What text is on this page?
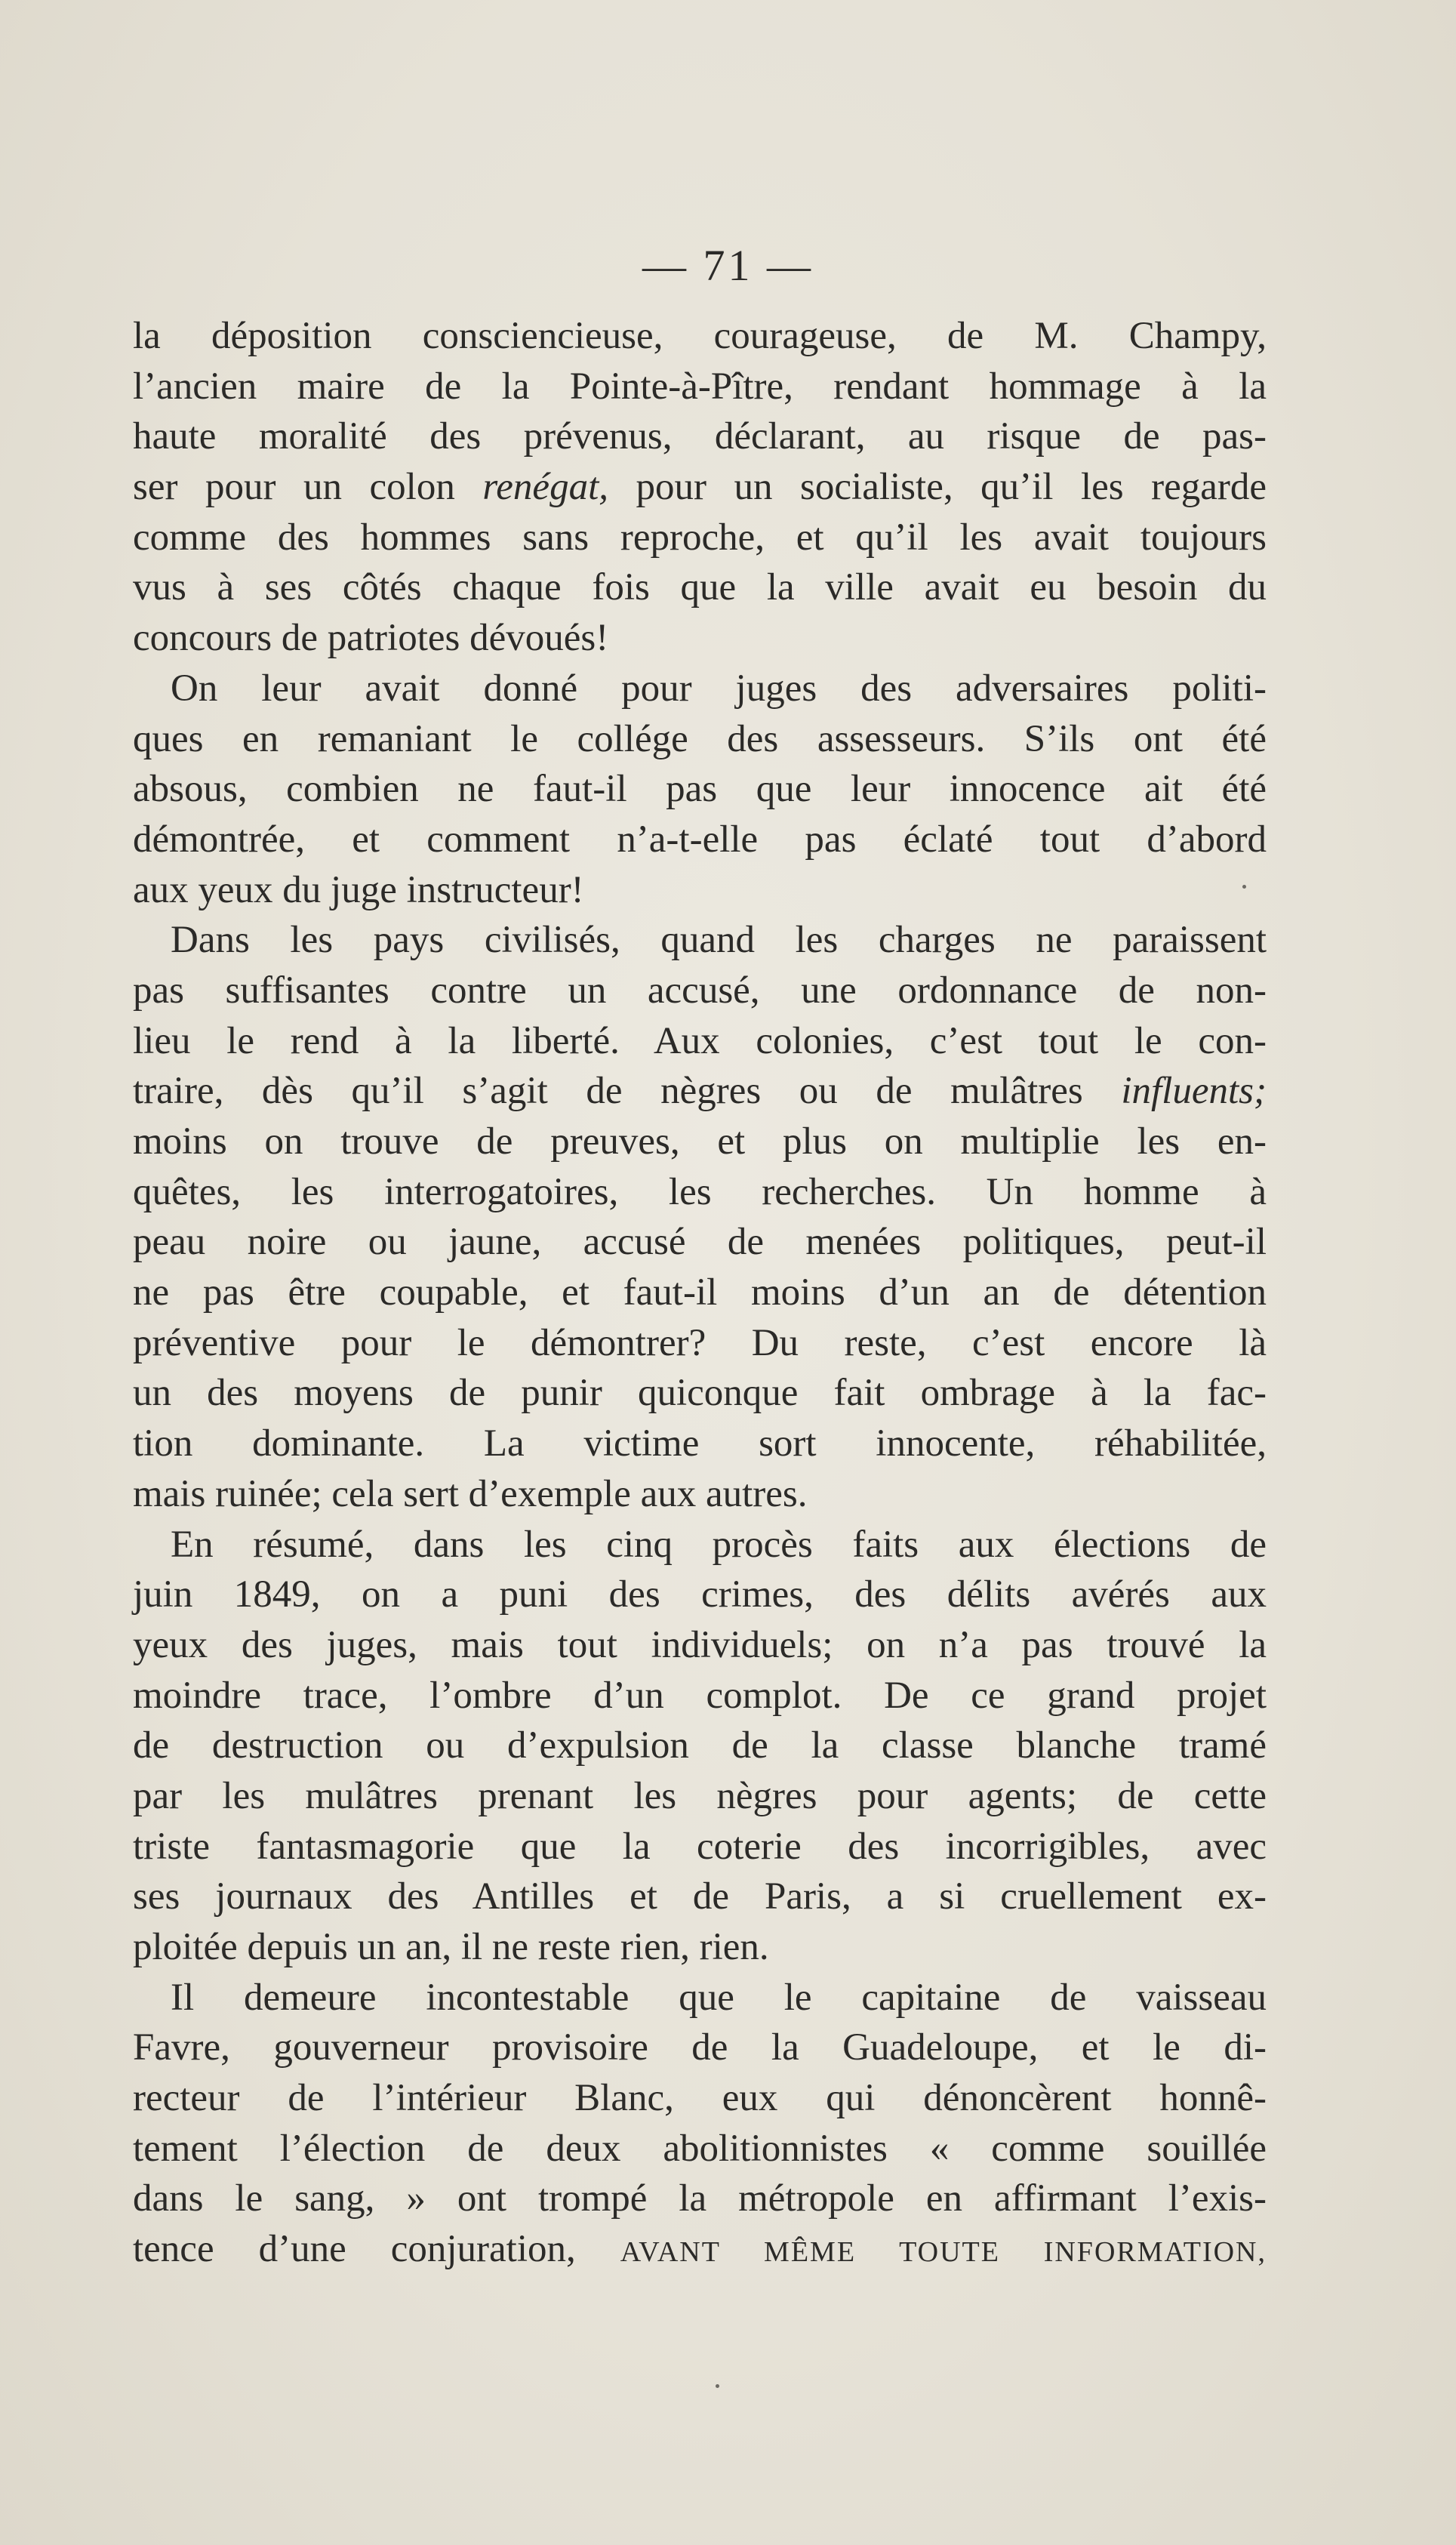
— 71 —
la déposition consciencieuse, courageuse, de M. Champy,
l’ancien maire de la Pointe-à-Pître, rendant hommage à la
haute moralité des prévenus, déclarant, au risque de pas-
ser pour un colon renégat, pour un socialiste, qu’il les regarde
comme des hommes sans reproche, et qu’il les avait toujours
vus à ses côtés chaque fois que la ville avait eu besoin du
concours de patriotes dévoués!
On leur avait donné pour juges des adversaires politi-
ques en remaniant le collége des assesseurs. S’ils ont été
absous, combien ne faut-il pas que leur innocence ait été
démontrée, et comment n’a-t-elle pas éclaté tout d’abord
aux yeux du juge instructeur!
Dans les pays civilisés, quand les charges ne paraissent
pas suffisantes contre un accusé, une ordonnance de non-
lieu le rend à la liberté. Aux colonies, c’est tout le con-
traire, dès qu’il s’agit de nègres ou de mulâtres influents;
moins on trouve de preuves, et plus on multiplie les en-
quêtes, les interrogatoires, les recherches. Un homme à
peau noire ou jaune, accusé de menées politiques, peut-il
ne pas être coupable, et faut-il moins d’un an de détention
préventive pour le démontrer? Du reste, c’est encore là
un des moyens de punir quiconque fait ombrage à la fac-
tion dominante. La victime sort innocente, réhabilitée,
mais ruinée; cela sert d’exemple aux autres.
En résumé, dans les cinq procès faits aux élections de
juin 1849, on a puni des crimes, des délits avérés aux
yeux des juges, mais tout individuels; on n’a pas trouvé la
moindre trace, l’ombre d’un complot. De ce grand projet
de destruction ou d’expulsion de la classe blanche tramé
par les mulâtres prenant les nègres pour agents; de cette
triste fantasmagorie que la coterie des incorrigibles, avec
ses journaux des Antilles et de Paris, a si cruellement ex-
ploitée depuis un an, il ne reste rien, rien.
Il demeure incontestable que le capitaine de vaisseau
Favre, gouverneur provisoire de la Guadeloupe, et le di-
recteur de l’intérieur Blanc, eux qui dénoncèrent honnê-
tement l’élection de deux abolitionnistes « comme souillée
dans le sang, » ont trompé la métropole en affirmant l’exis-
tence d’une conjuration, AVANT MÊME TOUTE INFORMATION,
